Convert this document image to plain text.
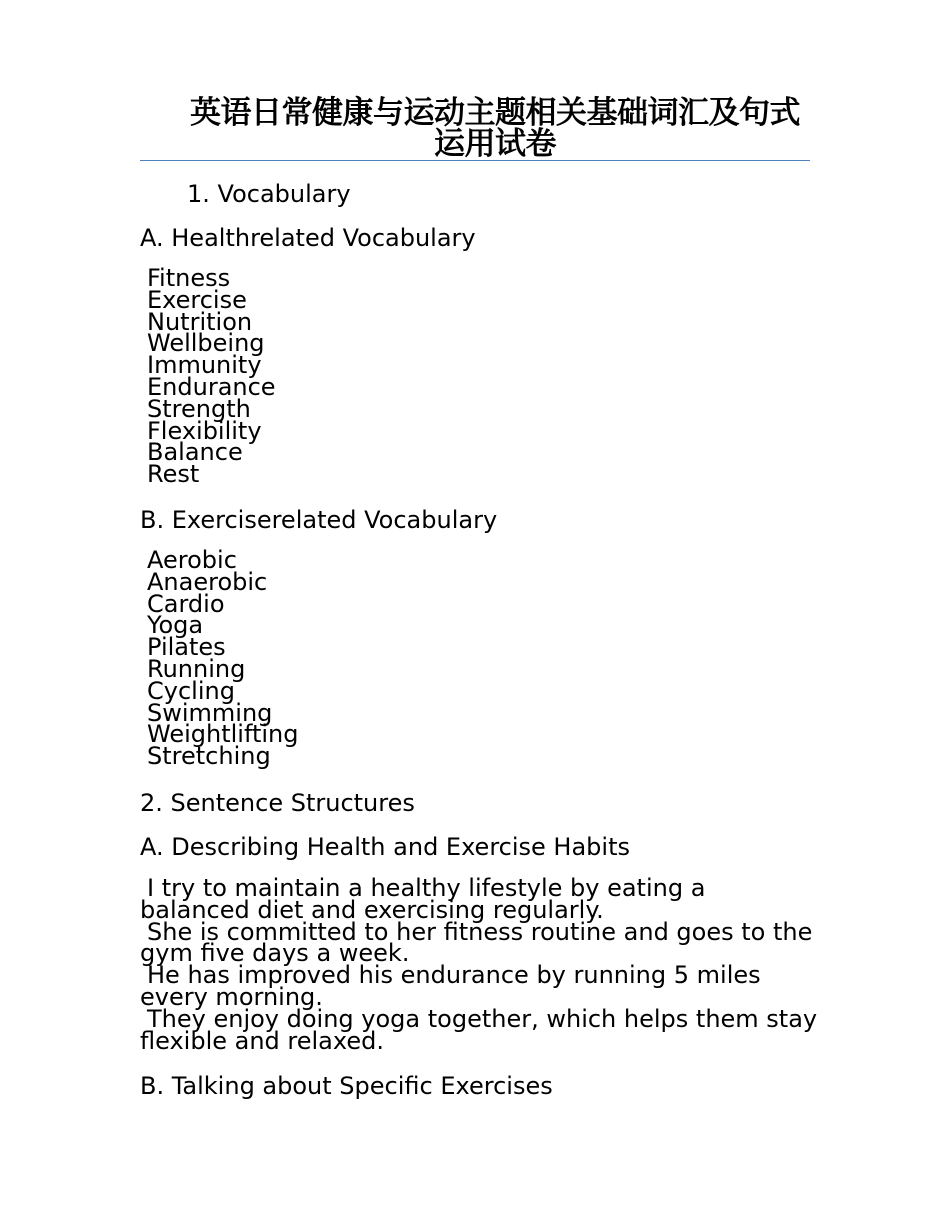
英语日常健康与运动主题相关基础词汇及句式运用试卷
1. Vocabulary
A. Healthrelated Vocabulary
Fitness
Exercise
Nutrition
Wellbeing
Immunity
Endurance
Strength
Flexibility
Balance
Rest
B. Exerciserelated Vocabulary
Aerobic
Anaerobic
Cardio
Yoga
Pilates
Running
Cycling
Swimming
Weightlifting
Stretching
2. Sentence Structures
A. Describing Health and Exercise Habits
I try to maintain a healthy lifestyle by eating a balanced diet and exercising regularly.
She is committed to her fitness routine and goes to the gym five days a week.
He has improved his endurance by running 5 miles every morning.
They enjoy doing yoga together, which helps them stay flexible and relaxed.
B. Talking about Specific Exercises
